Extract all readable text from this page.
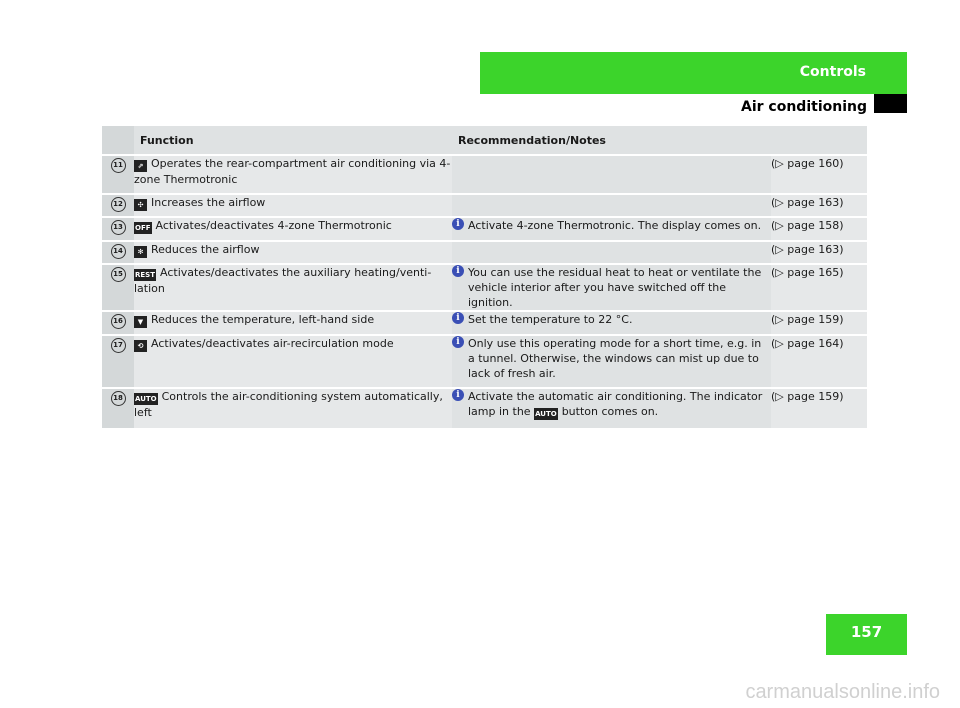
Controls
Air conditioning
	Function	Recommendation/Notes	
11	⇗ Operates the rear-compartment air conditioning via 4-zone Thermotronic		(▷ page 160)
12	✣ Increases the airflow		(▷ page 163)
13	OFF Activates/deactivates 4-zone Thermotronic	i Activate 4-zone Thermotronic. The display comes on.	(▷ page 158)
14	✻ Reduces the airflow		(▷ page 163)
15	REST Activates/deactivates the auxiliary heating/venti-lation	i You can use the residual heat to heat or ventilate the vehicle interior after you have switched off the ignition.	(▷ page 165)
16	▼ Reduces the temperature, left-hand side	i Set the temperature to 22 °C.	(▷ page 159)
17	⟲ Activates/deactivates air-recirculation mode	i Only use this operating mode for a short time, e.g. in a tunnel. Otherwise, the windows can mist up due to lack of fresh air.	(▷ page 164)
18	AUTO Controls the air-conditioning system automatically, left	i Activate the automatic air conditioning. The indicator lamp in the AUTO button comes on.	(▷ page 159)
157
carmanualsonline.info
